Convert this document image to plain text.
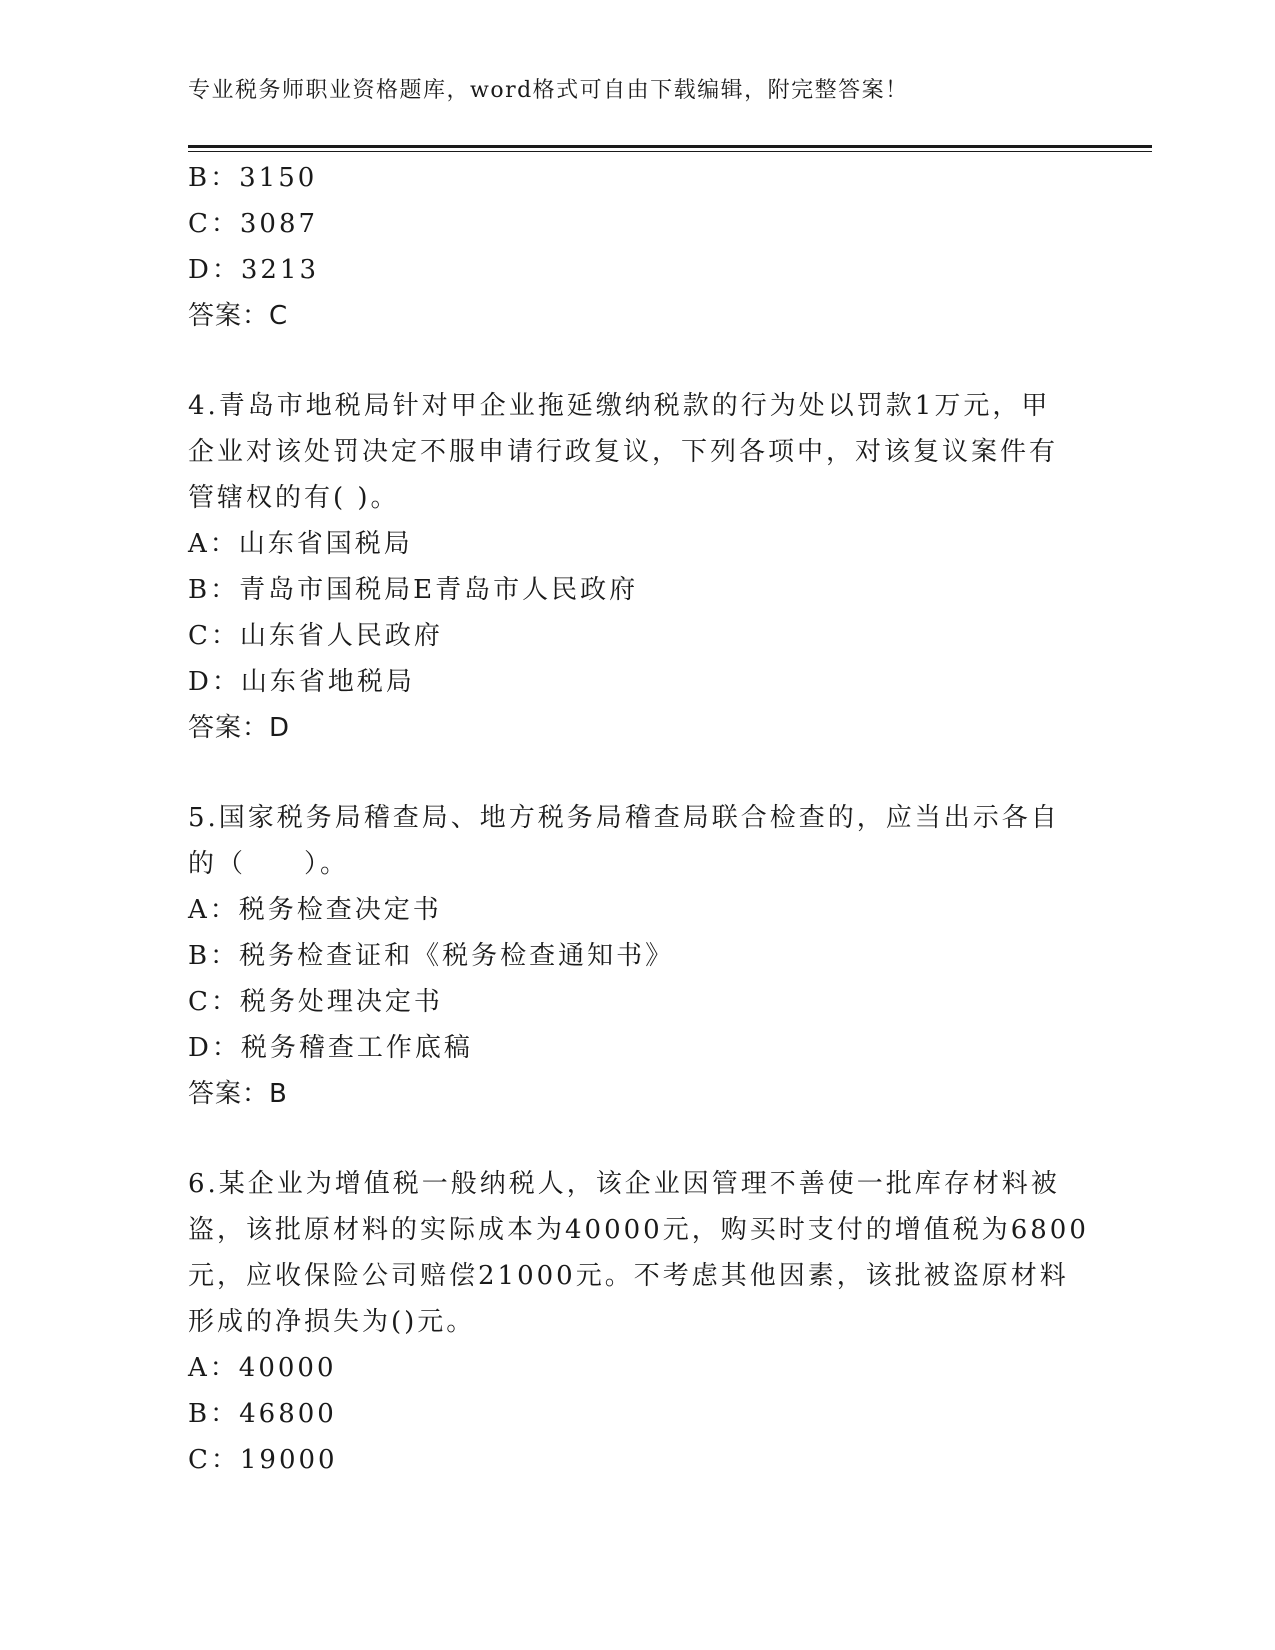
专业税务师职业资格题库，word格式可自由下载编辑，附完整答案！
B：3150
C：3087
D：3213
答案：C
4.青岛市地税局针对甲企业拖延缴纳税款的行为处以罚款1万元，甲
企业对该处罚决定不服申请行政复议，下列各项中，对该复议案件有
管辖权的有( )。
A：山东省国税局
B：青岛市国税局E青岛市人民政府
C：山东省人民政府
D：山东省地税局
答案：D
5.国家税务局稽查局、地方税务局稽查局联合检查的，应当出示各自
的（　　）。
A：税务检查决定书
B：税务检查证和《税务检查通知书》
C：税务处理决定书
D：税务稽查工作底稿
答案：B
6.某企业为增值税一般纳税人，该企业因管理不善使一批库存材料被
盗，该批原材料的实际成本为40000元，购买时支付的增值税为6800
元，应收保险公司赔偿21000元。不考虑其他因素，该批被盗原材料
形成的净损失为()元。
A：40000
B：46800
C：19000
